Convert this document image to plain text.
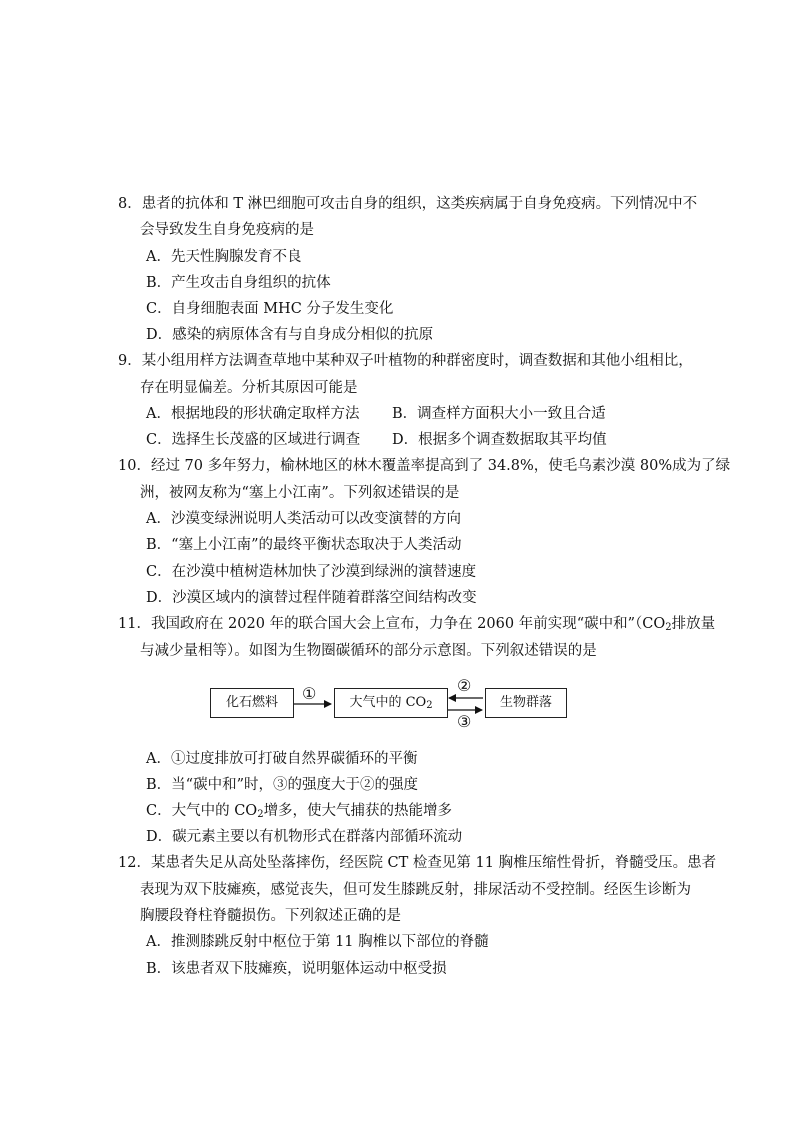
8．患者的抗体和 T 淋巴细胞可攻击自身的组织，这类疾病属于自身免疫病。下列情况中不
会导致发生自身免疫病的是
A．先天性胸腺发育不良
B．产生攻击自身组织的抗体
C．自身细胞表面 MHC 分子发生变化
D．感染的病原体含有与自身成分相似的抗原
9．某小组用样方法调查草地中某种双子叶植物的种群密度时，调查数据和其他小组相比，
存在明显偏差。分析其原因可能是
A．根据地段的形状确定取样方法 B．调查样方面积大小一致且合适
C．选择生长茂盛的区域进行调查 D．根据多个调查数据取其平均值
10．经过 70 多年努力，榆林地区的林木覆盖率提高到了 34.8%，使毛乌素沙漠 80%成为了绿
洲，被网友称为“塞上小江南”。下列叙述错误的是
A．沙漠变绿洲说明人类活动可以改变演替的方向
B．“塞上小江南”的最终平衡状态取决于人类活动
C．在沙漠中植树造林加快了沙漠到绿洲的演替速度
D．沙漠区域内的演替过程伴随着群落空间结构改变
11．我国政府在 2020 年的联合国大会上宣布，力争在 2060 年前实现“碳中和$”(CO_2$排放量
与减少量相等）。如图为生物圈碳循环的部分示意图。下列叙述错误的是
化石燃料	大气中的 $CO_2$	生物群落
①	②
③
A．①过度排放可打破自然界碳循环的平衡
B．当“碳中和”时，③的强度大于②的强度
C．大气中的 $CO_2$增多，使大气捕获的热能增多
D．碳元素主要以有机物形式在群落内部循环流动
12．某患者失足从高处坠落摔伤，经医院 CT 检查见第 11 胸椎压缩性骨折，脊髓受压。患者
表现为双下肢瘫痪，感觉丧失，但可发生膝跳反射，排尿活动不受控制。经医生诊断为
胸腰段脊柱脊髓损伤。下列叙述正确的是
A．推测膝跳反射中枢位于第 11 胸椎以下部位的脊髓
B．该患者双下肢瘫痪，说明躯体运动中枢受损
